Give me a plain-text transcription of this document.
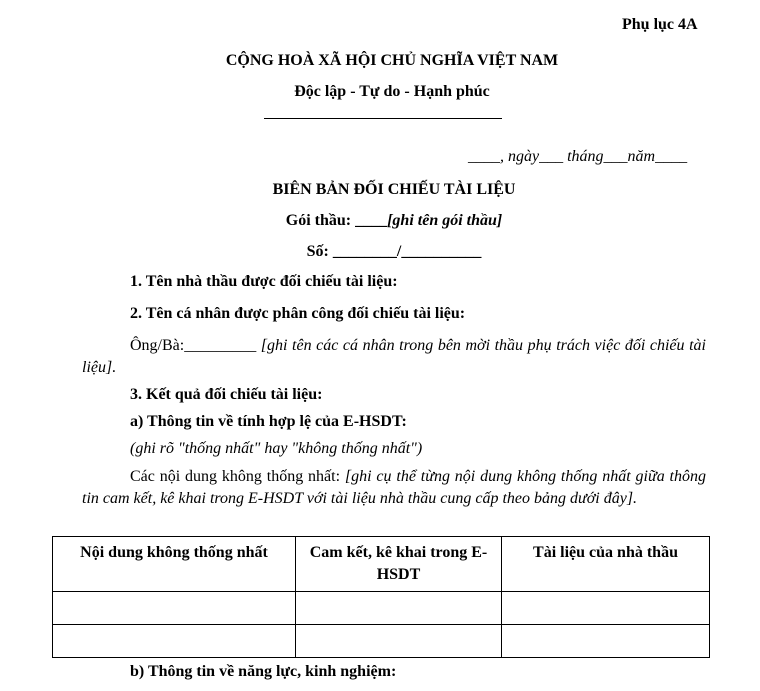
Phụ lục 4A
CỘNG HOÀ XÃ HỘI CHỦ NGHĨA VIỆT NAM
Độc lập - Tự do - Hạnh phúc
____, ngày___ tháng___năm____
BIÊN BẢN ĐỐI CHIẾU TÀI LIỆU
Gói thầu: ____[ghi tên gói thầu]
Số: ________/__________
1. Tên nhà thầu được đối chiếu tài liệu:
2. Tên cá nhân được phân công đối chiếu tài liệu:
Ông/Bà:_________ [ghi tên các cá nhân trong bên mời thầu phụ trách việc đối chiếu tài liệu].
3. Kết quả đối chiếu tài liệu:
a) Thông tin về tính hợp lệ của E-HSDT:
(ghi rõ "thống nhất" hay "không thống nhất")
Các nội dung không thống nhất: [ghi cụ thể từng nội dung không thống nhất giữa thông tin cam kết, kê khai trong E-HSDT với tài liệu nhà thầu cung cấp theo bảng dưới đây].
Nội dung không thống nhất	Cam kết, kê khai trong E-HSDT	Tài liệu của nhà thầu

b) Thông tin về năng lực, kinh nghiệm:
